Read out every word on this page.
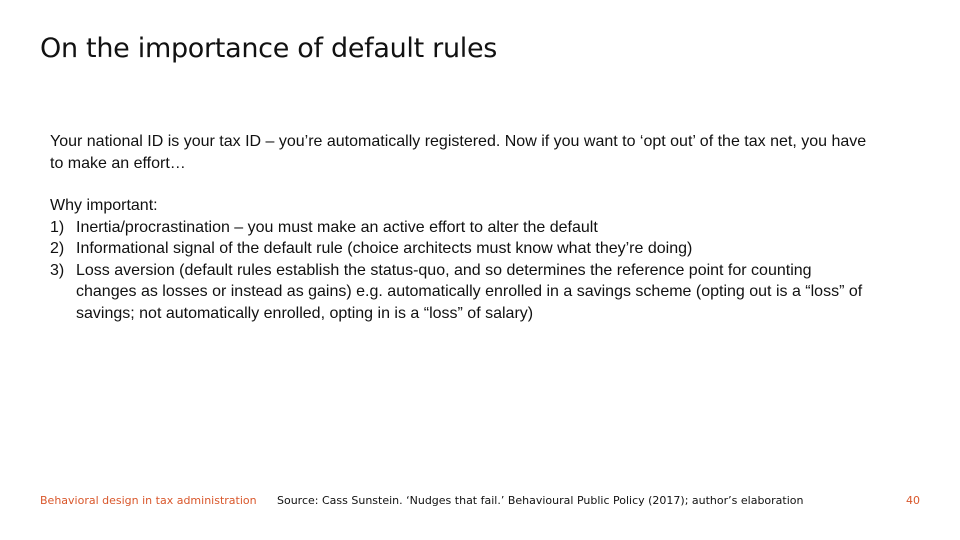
On the importance of default rules

Your national ID is your tax ID – you’re automatically registered. Now if you want to ‘opt out’ of the tax net, you have to make an effort…

Why important:

1) Inertia/procrastination – you must make an active effort to alter the default
2) Informational signal of the default rule (choice architects must know what they’re doing)
3) Loss aversion (default rules establish the status-quo, and so determines the reference point for counting changes as losses or instead as gains) e.g. automatically enrolled in a savings scheme (opting out is a “loss” of savings; not automatically enrolled, opting in is a “loss” of salary)
Behavioral design in tax administration Source: Cass Sunstein. ‘Nudges that fail.’ Behavioural Public Policy (2017); author’s elaboration	40
